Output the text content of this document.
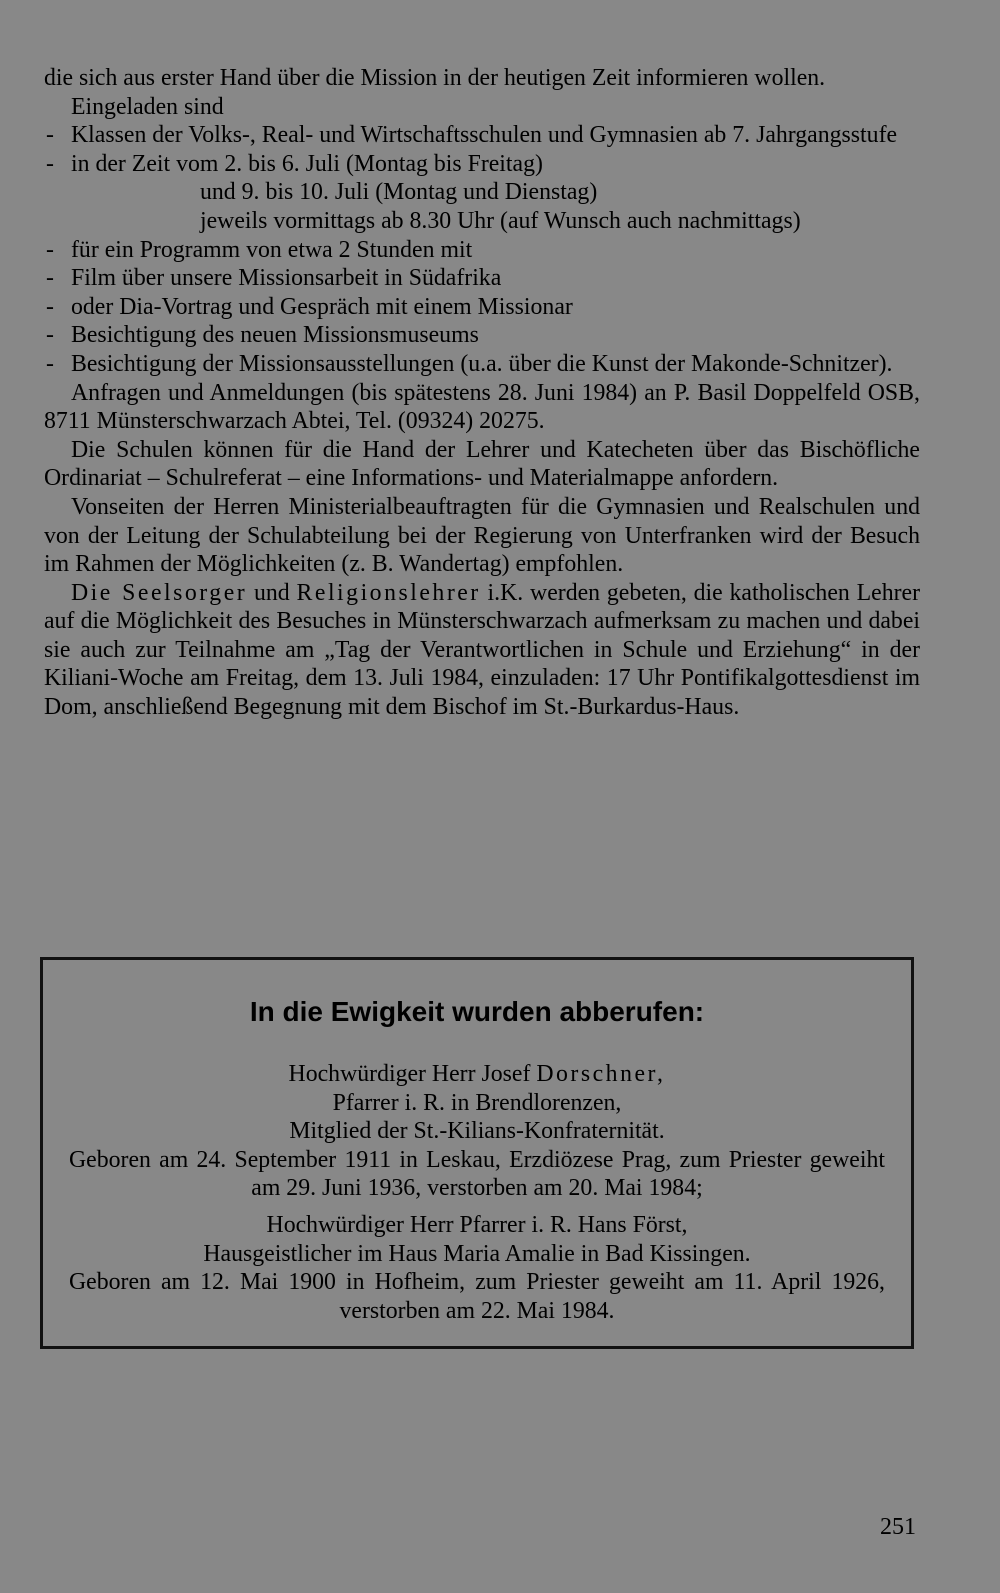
die sich aus erster Hand über die Mission in der heutigen Zeit informieren wollen.

Eingeladen sind

- Klassen der Volks-, Real- und Wirtschaftsschulen und Gymnasien ab 7. Jahrgangsstufe
- in der Zeit vom 2. bis 6. Juli (Montag bis Freitag)
und 9. bis 10. Juli (Montag und Dienstag)
jeweils vormittags ab 8.30 Uhr (auf Wunsch auch nachmittags)
- für ein Programm von etwa 2 Stunden mit
- Film über unsere Missionsarbeit in Südafrika
- oder Dia-Vortrag und Gespräch mit einem Missionar
- Besichtigung des neuen Missionsmuseums
- Besichtigung der Missionsausstellungen (u.a. über die Kunst der Makonde-Schnitzer).

Anfragen und Anmeldungen (bis spätestens 28. Juni 1984) an P. Basil Doppelfeld OSB, 8711 Münsterschwarzach Abtei, Tel. (09324) 20275.

Die Schulen können für die Hand der Lehrer und Katecheten über das Bischöfliche Ordinariat – Schulreferat – eine Informations- und Materialmappe anfordern.

Vonseiten der Herren Ministerialbeauftragten für die Gymnasien und Realschulen und von der Leitung der Schulabteilung bei der Regierung von Unterfranken wird der Besuch im Rahmen der Möglichkeiten (z. B. Wandertag) empfohlen.

Die Seelsorger und Religionslehrer i.K. werden gebeten, die katholischen Lehrer auf die Möglichkeit des Besuches in Münsterschwarzach aufmerksam zu machen und dabei sie auch zur Teilnahme am „Tag der Verantwortlichen in Schule und Erziehung“ in der Kiliani-Woche am Freitag, dem 13. Juli 1984, einzuladen: 17 Uhr Pontifikalgottesdienst im Dom, anschließend Begegnung mit dem Bischof im St.-Burkardus-Haus.

In die Ewigkeit wurden abberufen:

Hochwürdiger Herr Josef Dorschner,

Pfarrer i. R. in Brendlorenzen,

Mitglied der St.-Kilians-Konfraternität.

Geboren am 24. September 1911 in Leskau, Erzdiözese Prag, zum Priester geweiht am 29. Juni 1936, verstorben am 20. Mai 1984;

Hochwürdiger Herr Pfarrer i. R. Hans Först,

Hausgeistlicher im Haus Maria Amalie in Bad Kissingen.

Geboren am 12. Mai 1900 in Hofheim, zum Priester geweiht am 11. April 1926, verstorben am 22. Mai 1984.

251
